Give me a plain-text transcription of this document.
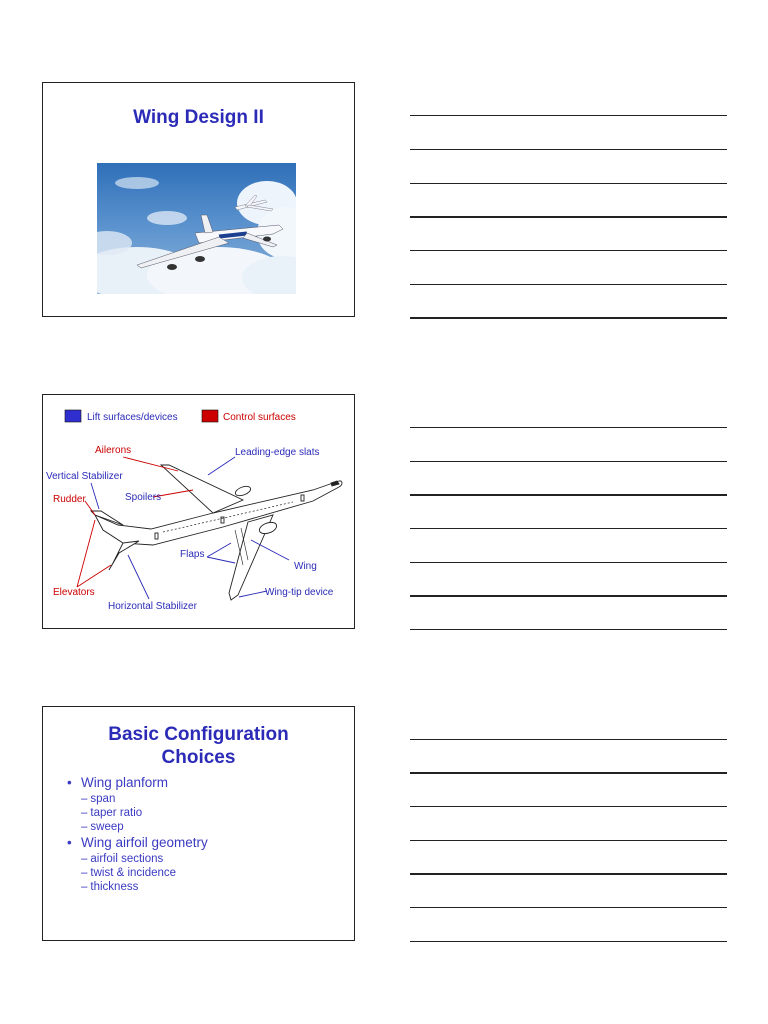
Wing Design II
Lift surfaces/devices	Control surfaces
Ailerons	Leading-edge slats
Vertical Stabilizer
Rudder	Spoilers
Flaps
Wing
Elevators	Wing-tip device
Horizontal Stabilizer
Basic Configuration
Choices
• Wing planform
– span
– taper ratio
– sweep
• Wing airfoil geometry
– airfoil sections
– twist & incidence
– thickness
